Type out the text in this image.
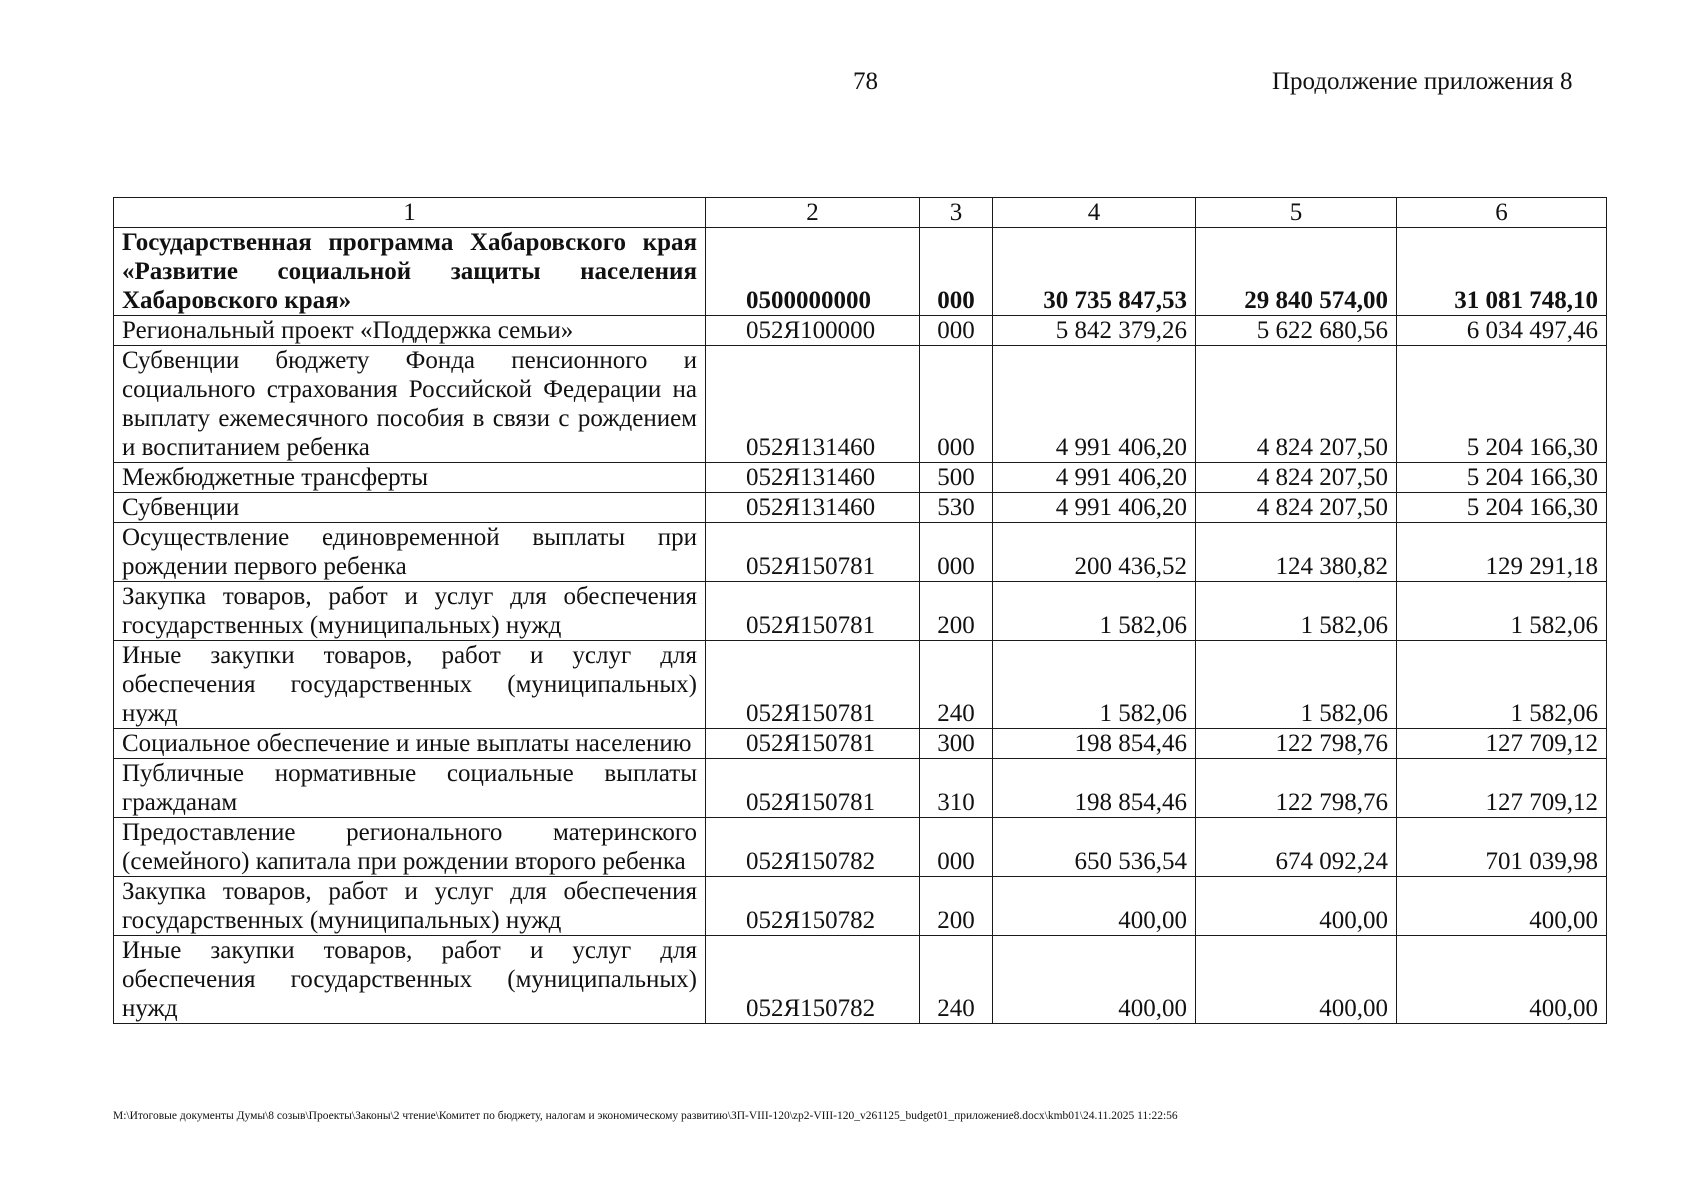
78	Продолжение приложения 8
1	2	3	4	5	6
Государственная программа Хабаровского края «Развитие социальной защиты населения Хабаровского края»	0500000000	000	30 735 847,53	29 840 574,00	31 081 748,10
Региональный проект «Поддержка семьи»	052Я100000	000	5 842 379,26	5 622 680,56	6 034 497,46
Субвенции бюджету Фонда пенсионного и социального страхования Российской Федерации на выплату ежемесячного пособия в связи с рождением и воспитанием ребенка	052Я131460	000	4 991 406,20	4 824 207,50	5 204 166,30
Межбюджетные трансферты	052Я131460	500	4 991 406,20	4 824 207,50	5 204 166,30
Субвенции	052Я131460	530	4 991 406,20	4 824 207,50	5 204 166,30
Осуществление единовременной выплаты при рождении первого ребенка	052Я150781	000	200 436,52	124 380,82	129 291,18
Закупка товаров, работ и услуг для обеспечения государственных (муниципальных) нужд	052Я150781	200	1 582,06	1 582,06	1 582,06
Иные закупки товаров, работ и услуг для обеспечения государственных (муниципальных) нужд	052Я150781	240	1 582,06	1 582,06	1 582,06
Социальное обеспечение и иные выплаты населению	052Я150781	300	198 854,46	122 798,76	127 709,12
Публичные нормативные социальные выплаты гражданам	052Я150781	310	198 854,46	122 798,76	127 709,12
Предоставление регионального материнского (семейного) капитала при рождении второго ребенка	052Я150782	000	650 536,54	674 092,24	701 039,98
Закупка товаров, работ и услуг для обеспечения государственных (муниципальных) нужд	052Я150782	200	400,00	400,00	400,00
Иные закупки товаров, работ и услуг для обеспечения государственных (муниципальных) нужд	052Я150782	240	400,00	400,00	400,00
M:\Итоговые документы Думы\8 созыв\Проекты\Законы\2 чтение\Комитет по бюджету, налогам и экономическому развитию\ЗП-VIII-120\zp2-VIII-120_v261125_budget01_приложение8.docx\kmb01\24.11.2025 11:22:56
